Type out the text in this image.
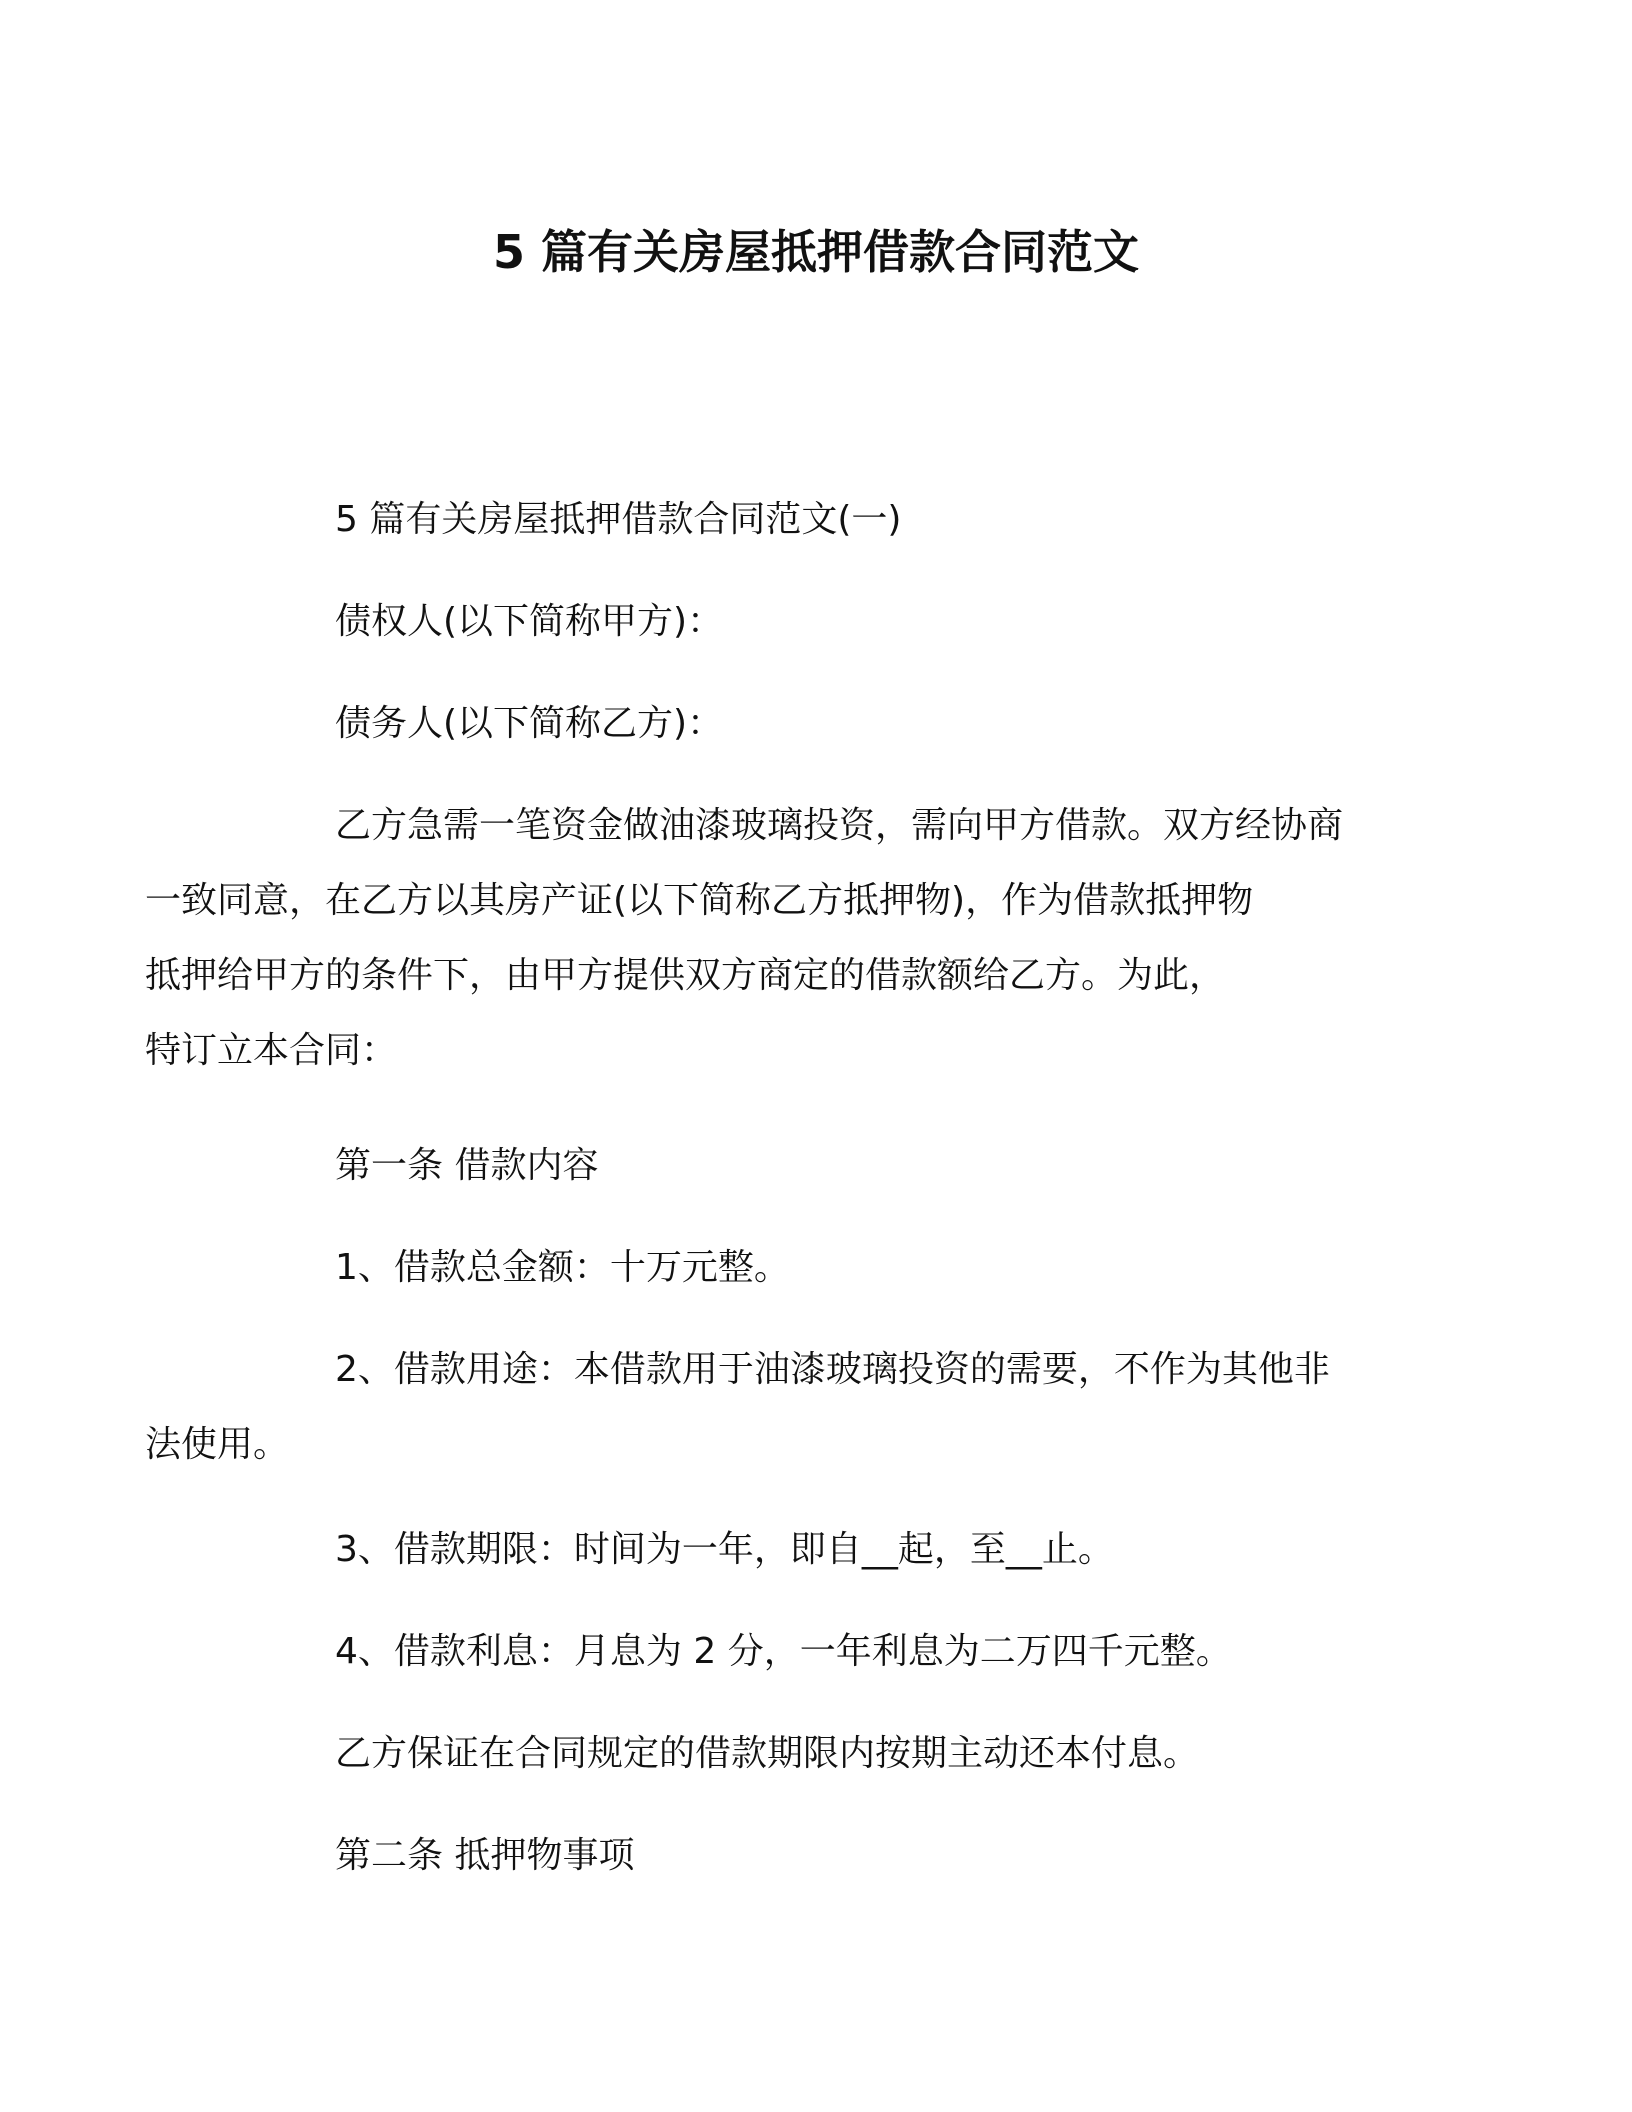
5 篇有关房屋抵押借款合同范文
5 篇有关房屋抵押借款合同范文(一)
债权人(以下简称甲方)：
债务人(以下简称乙方)：
乙方急需一笔资金做油漆玻璃投资，需向甲方借款。双方经协商
一致同意，在乙方以其房产证(以下简称乙方抵押物)，作为借款抵押物
抵押给甲方的条件下，由甲方提供双方商定的借款额给乙方。为此，
特订立本合同：
第一条 借款内容
1、借款总金额：十万元整。
2、借款用途：本借款用于油漆玻璃投资的需要，不作为其他非
法使用。
3、借款期限：时间为一年，即自__起，至__止。
4、借款利息：月息为 2 分，一年利息为二万四千元整。
乙方保证在合同规定的借款期限内按期主动还本付息。
第二条 抵押物事项
